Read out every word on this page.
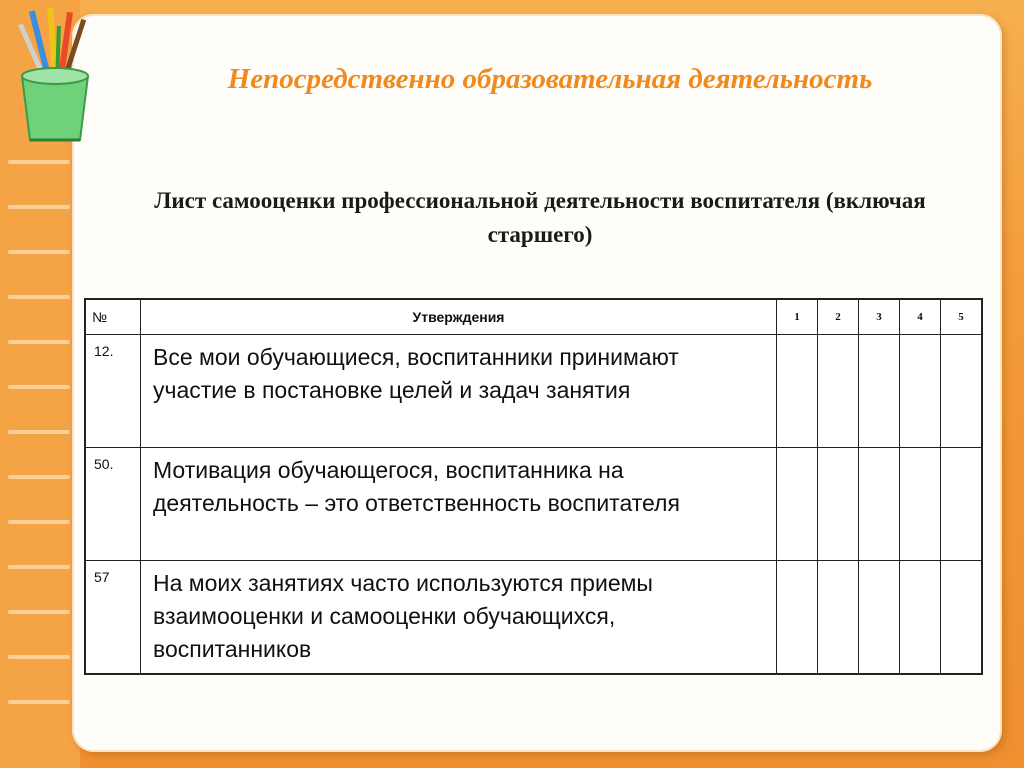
Непосредственно образовательная деятельность
Лист самооценки профессиональной деятельности воспитателя (включая старшего)
№	Утверждения	1	2	3	4	5
12.	Все мои обучающиеся, воспитанники принимают участие в постановке целей и задач занятия					
50.	Мотивация обучающегося, воспитанника на деятельность – это ответственность воспитателя					
57	На моих занятиях часто используются приемы взаимооценки и самооценки обучающихся, воспитанников					
